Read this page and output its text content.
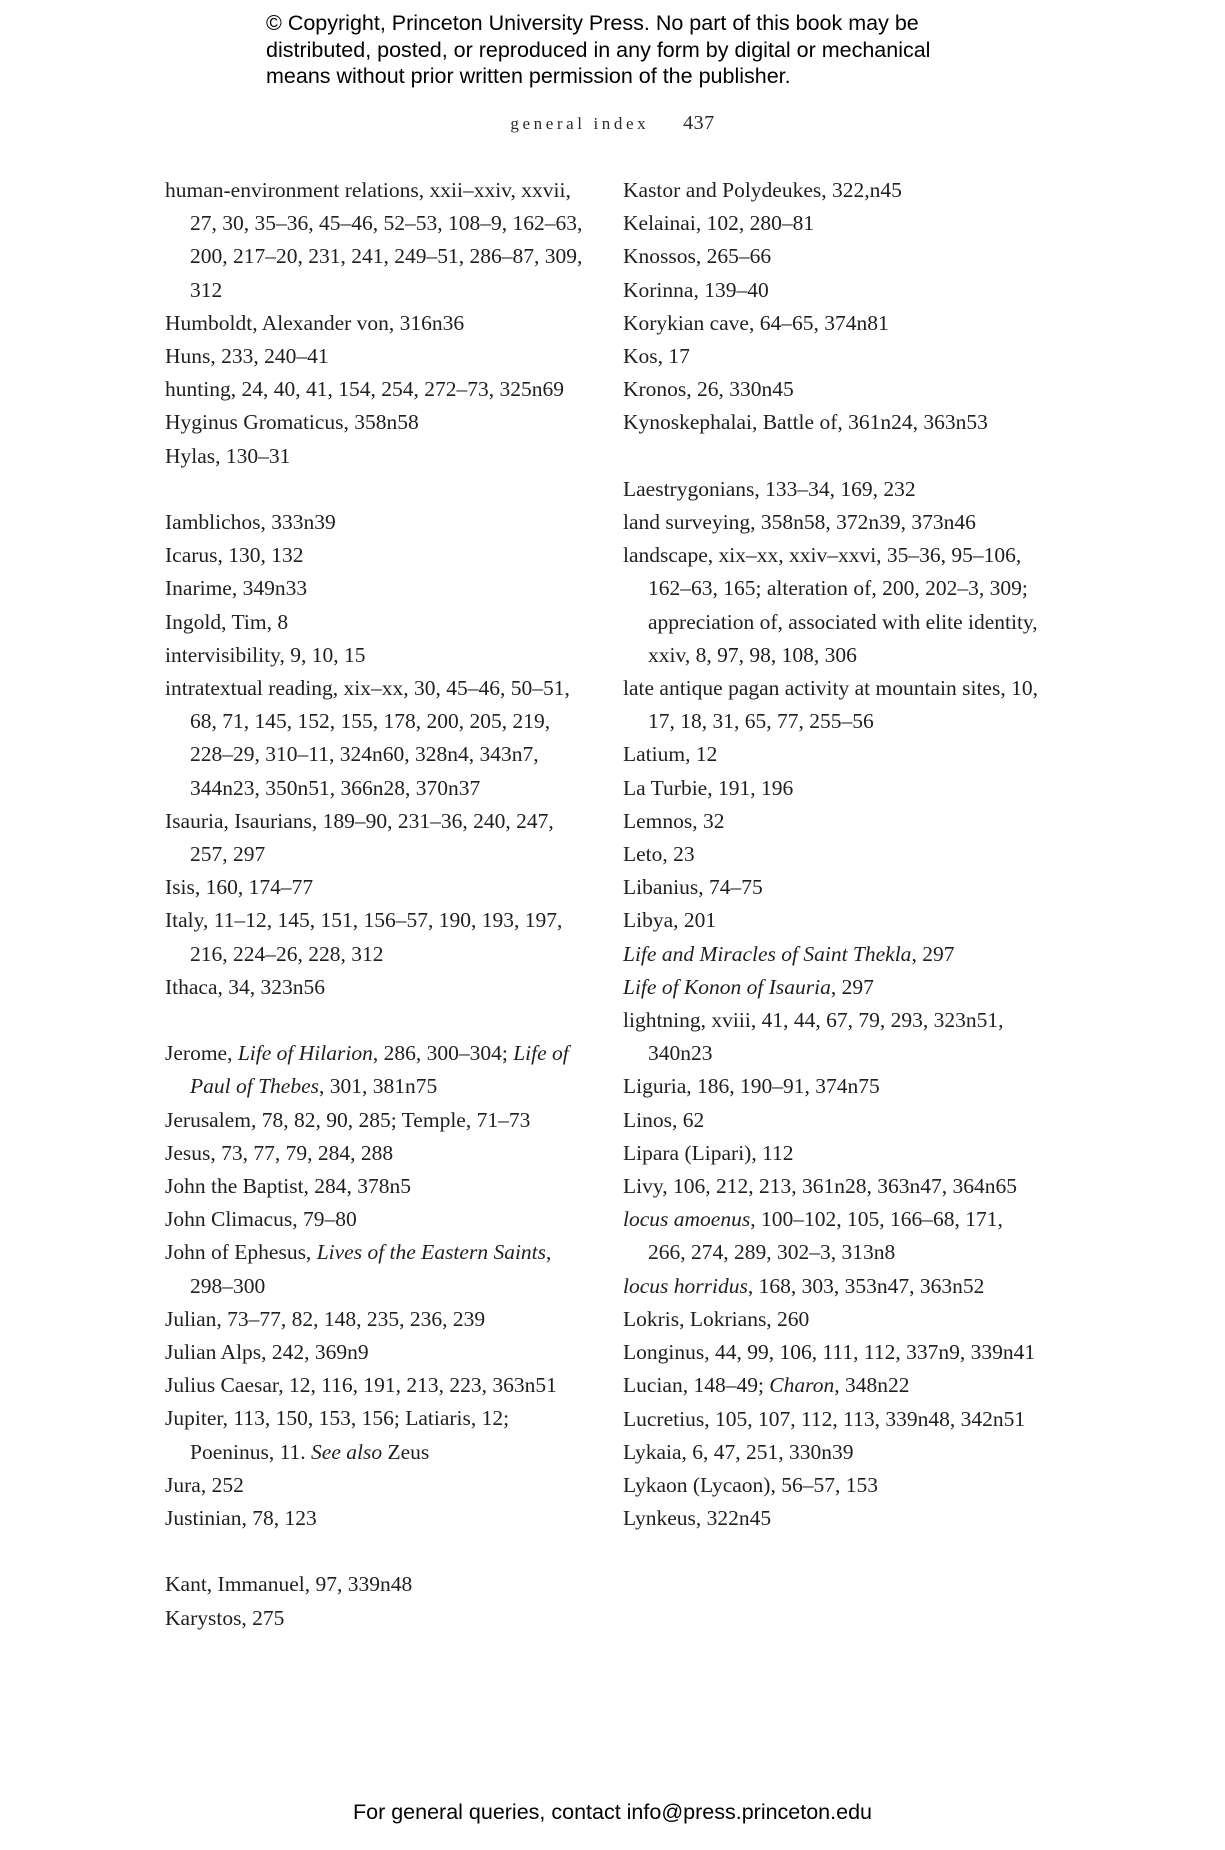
© Copyright, Princeton University Press. No part of this book may be
distributed, posted, or reproduced in any form by digital or mechanical
means without prior written permission of the publisher.
general index 437
human-environment relations, xxii–xxiv, xxvii, 27, 30, 35–36, 45–46, 52–53, 108–9, 162–63, 200, 217–20, 231, 241, 249–51, 286–87, 309, 312
Humboldt, Alexander von, 316n36
Huns, 233, 240–41
hunting, 24, 40, 41, 154, 254, 272–73, 325n69
Hyginus Gromaticus, 358n58
Hylas, 130–31
Iamblichos, 333n39
Icarus, 130, 132
Inarime, 349n33
Ingold, Tim, 8
intervisibility, 9, 10, 15
intratextual reading, xix–xx, 30, 45–46, 50–51, 68, 71, 145, 152, 155, 178, 200, 205, 219, 228–29, 310–11, 324n60, 328n4, 343n7, 344n23, 350n51, 366n28, 370n37
Isauria, Isaurians, 189–90, 231–36, 240, 247, 257, 297
Isis, 160, 174–77
Italy, 11–12, 145, 151, 156–57, 190, 193, 197, 216, 224–26, 228, 312
Ithaca, 34, 323n56
Jerome, Life of Hilarion, 286, 300–304; Life of Paul of Thebes, 301, 381n75
Jerusalem, 78, 82, 90, 285; Temple, 71–73
Jesus, 73, 77, 79, 284, 288
John the Baptist, 284, 378n5
John Climacus, 79–80
John of Ephesus, Lives of the Eastern Saints, 298–300
Julian, 73–77, 82, 148, 235, 236, 239
Julian Alps, 242, 369n9
Julius Caesar, 12, 116, 191, 213, 223, 363n51
Jupiter, 113, 150, 153, 156; Latiaris, 12; Poeninus, 11. See also Zeus
Jura, 252
Justinian, 78, 123
Kant, Immanuel, 97, 339n48
Karystos, 275
Kastor and Polydeukes, 322,n45
Kelainai, 102, 280–81
Knossos, 265–66
Korinna, 139–40
Korykian cave, 64–65, 374n81
Kos, 17
Kronos, 26, 330n45
Kynoskephalai, Battle of, 361n24, 363n53
Laestrygonians, 133–34, 169, 232
land surveying, 358n58, 372n39, 373n46
landscape, xix–xx, xxiv–xxvi, 35–36, 95–106, 162–63, 165; alteration of, 200, 202–3, 309; appreciation of, associated with elite identity, xxiv, 8, 97, 98, 108, 306
late antique pagan activity at mountain sites, 10, 17, 18, 31, 65, 77, 255–56
Latium, 12
La Turbie, 191, 196
Lemnos, 32
Leto, 23
Libanius, 74–75
Libya, 201
Life and Miracles of Saint Thekla, 297
Life of Konon of Isauria, 297
lightning, xviii, 41, 44, 67, 79, 293, 323n51, 340n23
Liguria, 186, 190–91, 374n75
Linos, 62
Lipara (Lipari), 112
Livy, 106, 212, 213, 361n28, 363n47, 364n65
locus amoenus, 100–102, 105, 166–68, 171, 266, 274, 289, 302–3, 313n8
locus horridus, 168, 303, 353n47, 363n52
Lokris, Lokrians, 260
Longinus, 44, 99, 106, 111, 112, 337n9, 339n41
Lucian, 148–49; Charon, 348n22
Lucretius, 105, 107, 112, 113, 339n48, 342n51
Lykaia, 6, 47, 251, 330n39
Lykaon (Lycaon), 56–57, 153
Lynkeus, 322n45
For general queries, contact info@press.princeton.edu
